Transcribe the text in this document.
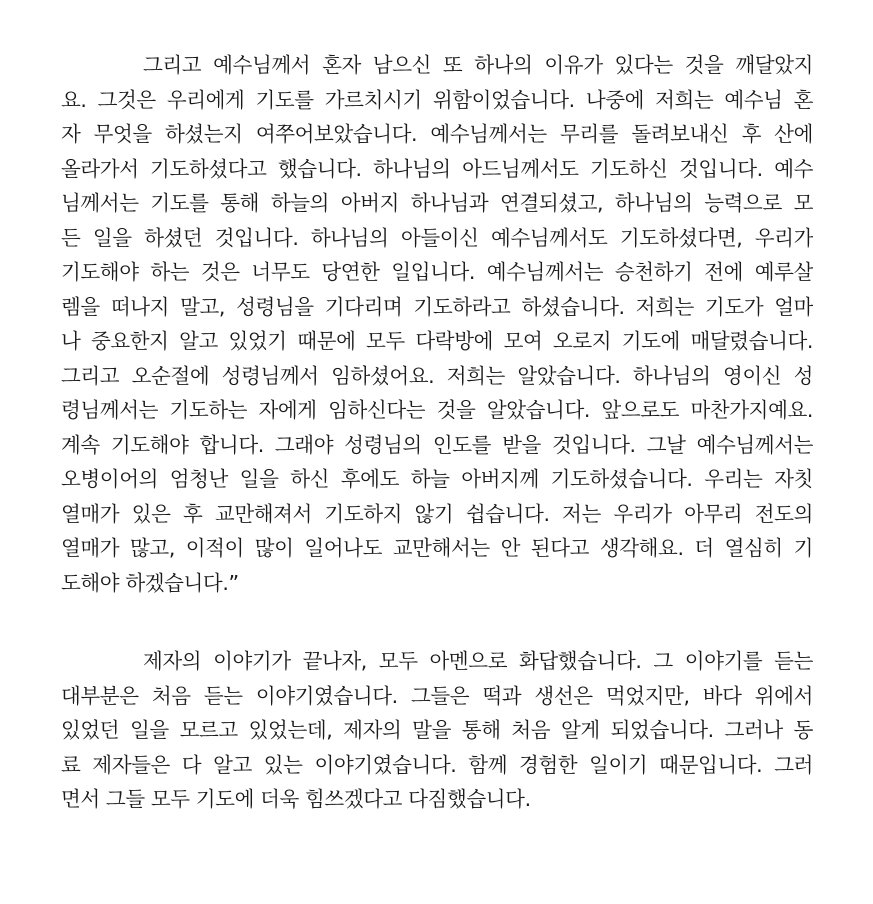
그리고 예수님께서 혼자 남으신 또 하나의 이유가 있다는 것을 깨달았지
요. 그것은 우리에게 기도를 가르치시기 위함이었습니다. 나중에 저희는 예수님 혼
자 무엇을 하셨는지 여쭈어보았습니다. 예수님께서는 무리를 돌려보내신 후 산에
올라가서 기도하셨다고 했습니다. 하나님의 아드님께서도 기도하신 것입니다. 예수
님께서는 기도를 통해 하늘의 아버지 하나님과 연결되셨고, 하나님의 능력으로 모
든 일을 하셨던 것입니다. 하나님의 아들이신 예수님께서도 기도하셨다면, 우리가
기도해야 하는 것은 너무도 당연한 일입니다. 예수님께서는 승천하기 전에 예루살
렘을 떠나지 말고, 성령님을 기다리며 기도하라고 하셨습니다. 저희는 기도가 얼마
나 중요한지 알고 있었기 때문에 모두 다락방에 모여 오로지 기도에 매달렸습니다.
그리고 오순절에 성령님께서 임하셨어요. 저희는 알았습니다. 하나님의 영이신 성
령님께서는 기도하는 자에게 임하신다는 것을 알았습니다. 앞으로도 마찬가지예요.
계속 기도해야 합니다. 그래야 성령님의 인도를 받을 것입니다. 그날 예수님께서는
오병이어의 엄청난 일을 하신 후에도 하늘 아버지께 기도하셨습니다. 우리는 자칫
열매가 있은 후 교만해져서 기도하지 않기 쉽습니다. 저는 우리가 아무리 전도의
열매가 많고, 이적이 많이 일어나도 교만해서는 안 된다고 생각해요. 더 열심히 기
도해야 하겠습니다.”
제자의 이야기가 끝나자, 모두 아멘으로 화답했습니다. 그 이야기를 듣는
대부분은 처음 듣는 이야기였습니다. 그들은 떡과 생선은 먹었지만, 바다 위에서
있었던 일을 모르고 있었는데, 제자의 말을 통해 처음 알게 되었습니다. 그러나 동
료 제자들은 다 알고 있는 이야기였습니다. 함께 경험한 일이기 때문입니다. 그러
면서 그들 모두 기도에 더욱 힘쓰겠다고 다짐했습니다.
